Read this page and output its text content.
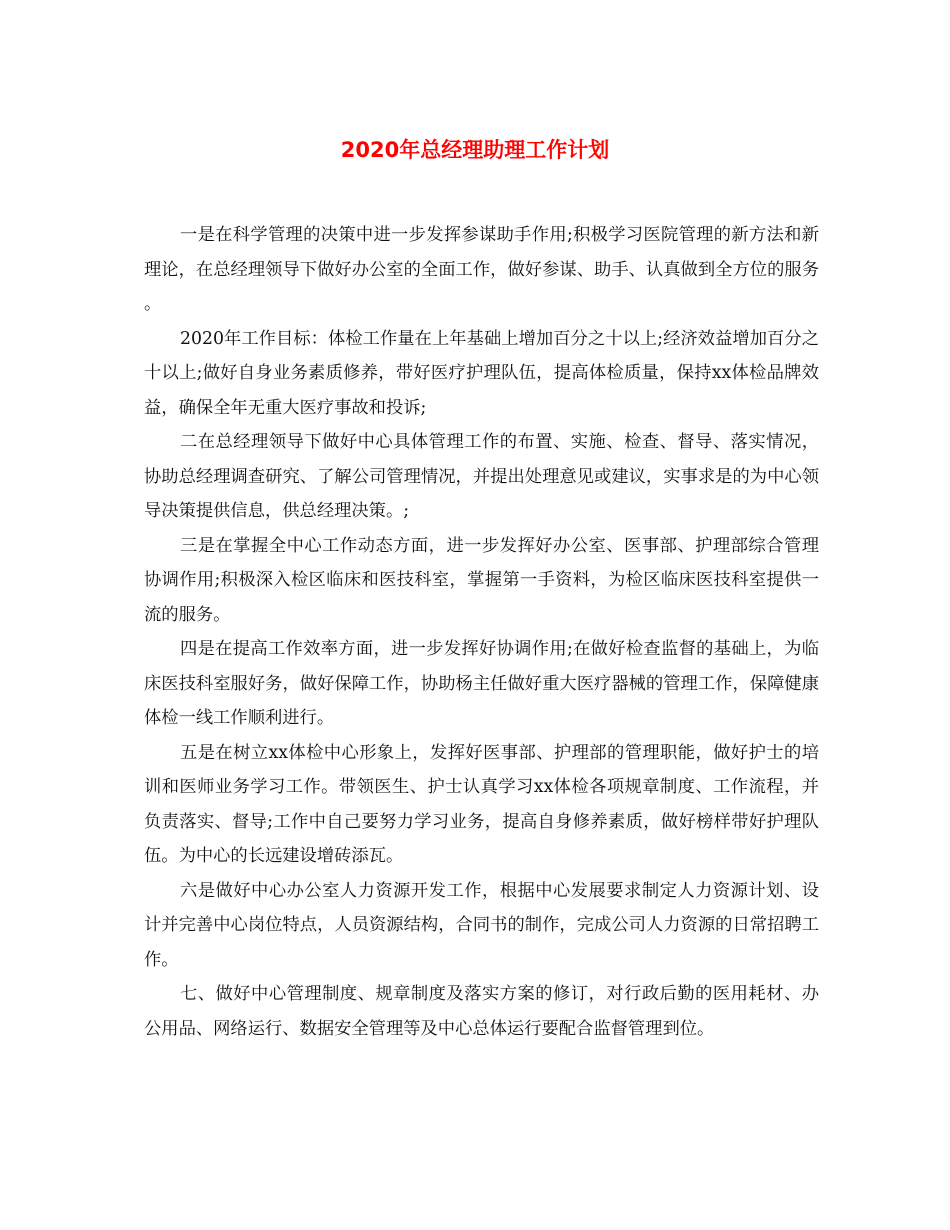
2020年总经理助理工作计划

一是在科学管理的决策中进一步发挥参谋助手作用;积极学习医院管理的新方法和新理论，在总经理领导下做好办公室的全面工作，做好参谋、助手、认真做到全方位的服务。

2020年工作目标：体检工作量在上年基础上增加百分之十以上;经济效益增加百分之十以上;做好自身业务素质修养，带好医疗护理队伍，提高体检质量，保持xx体检品牌效益，确保全年无重大医疗事故和投诉;

二在总经理领导下做好中心具体管理工作的布置、实施、检查、督导、落实情况，协助总经理调查研究、了解公司管理情况，并提出处理意见或建议，实事求是的为中心领导决策提供信息，供总经理决策。;

三是在掌握全中心工作动态方面，进一步发挥好办公室、医事部、护理部综合管理协调作用;积极深入检区临床和医技科室，掌握第一手资料，为检区临床医技科室提供一流的服务。

四是在提高工作效率方面，进一步发挥好协调作用;在做好检查监督的基础上，为临床医技科室服好务，做好保障工作，协助杨主任做好重大医疗器械的管理工作，保障健康体检一线工作顺利进行。

五是在树立xx体检中心形象上，发挥好医事部、护理部的管理职能，做好护士的培训和医师业务学习工作。带领医生、护士认真学习xx体检各项规章制度、工作流程，并负责落实、督导;工作中自己要努力学习业务，提高自身修养素质，做好榜样带好护理队伍。为中心的长远建设增砖添瓦。

六是做好中心办公室人力资源开发工作，根据中心发展要求制定人力资源计划、设计并完善中心岗位特点，人员资源结构，合同书的制作，完成公司人力资源的日常招聘工作。

七、做好中心管理制度、规章制度及落实方案的修订，对行政后勤的医用耗材、办公用品、网络运行、数据安全管理等及中心总体运行要配合监督管理到位。
